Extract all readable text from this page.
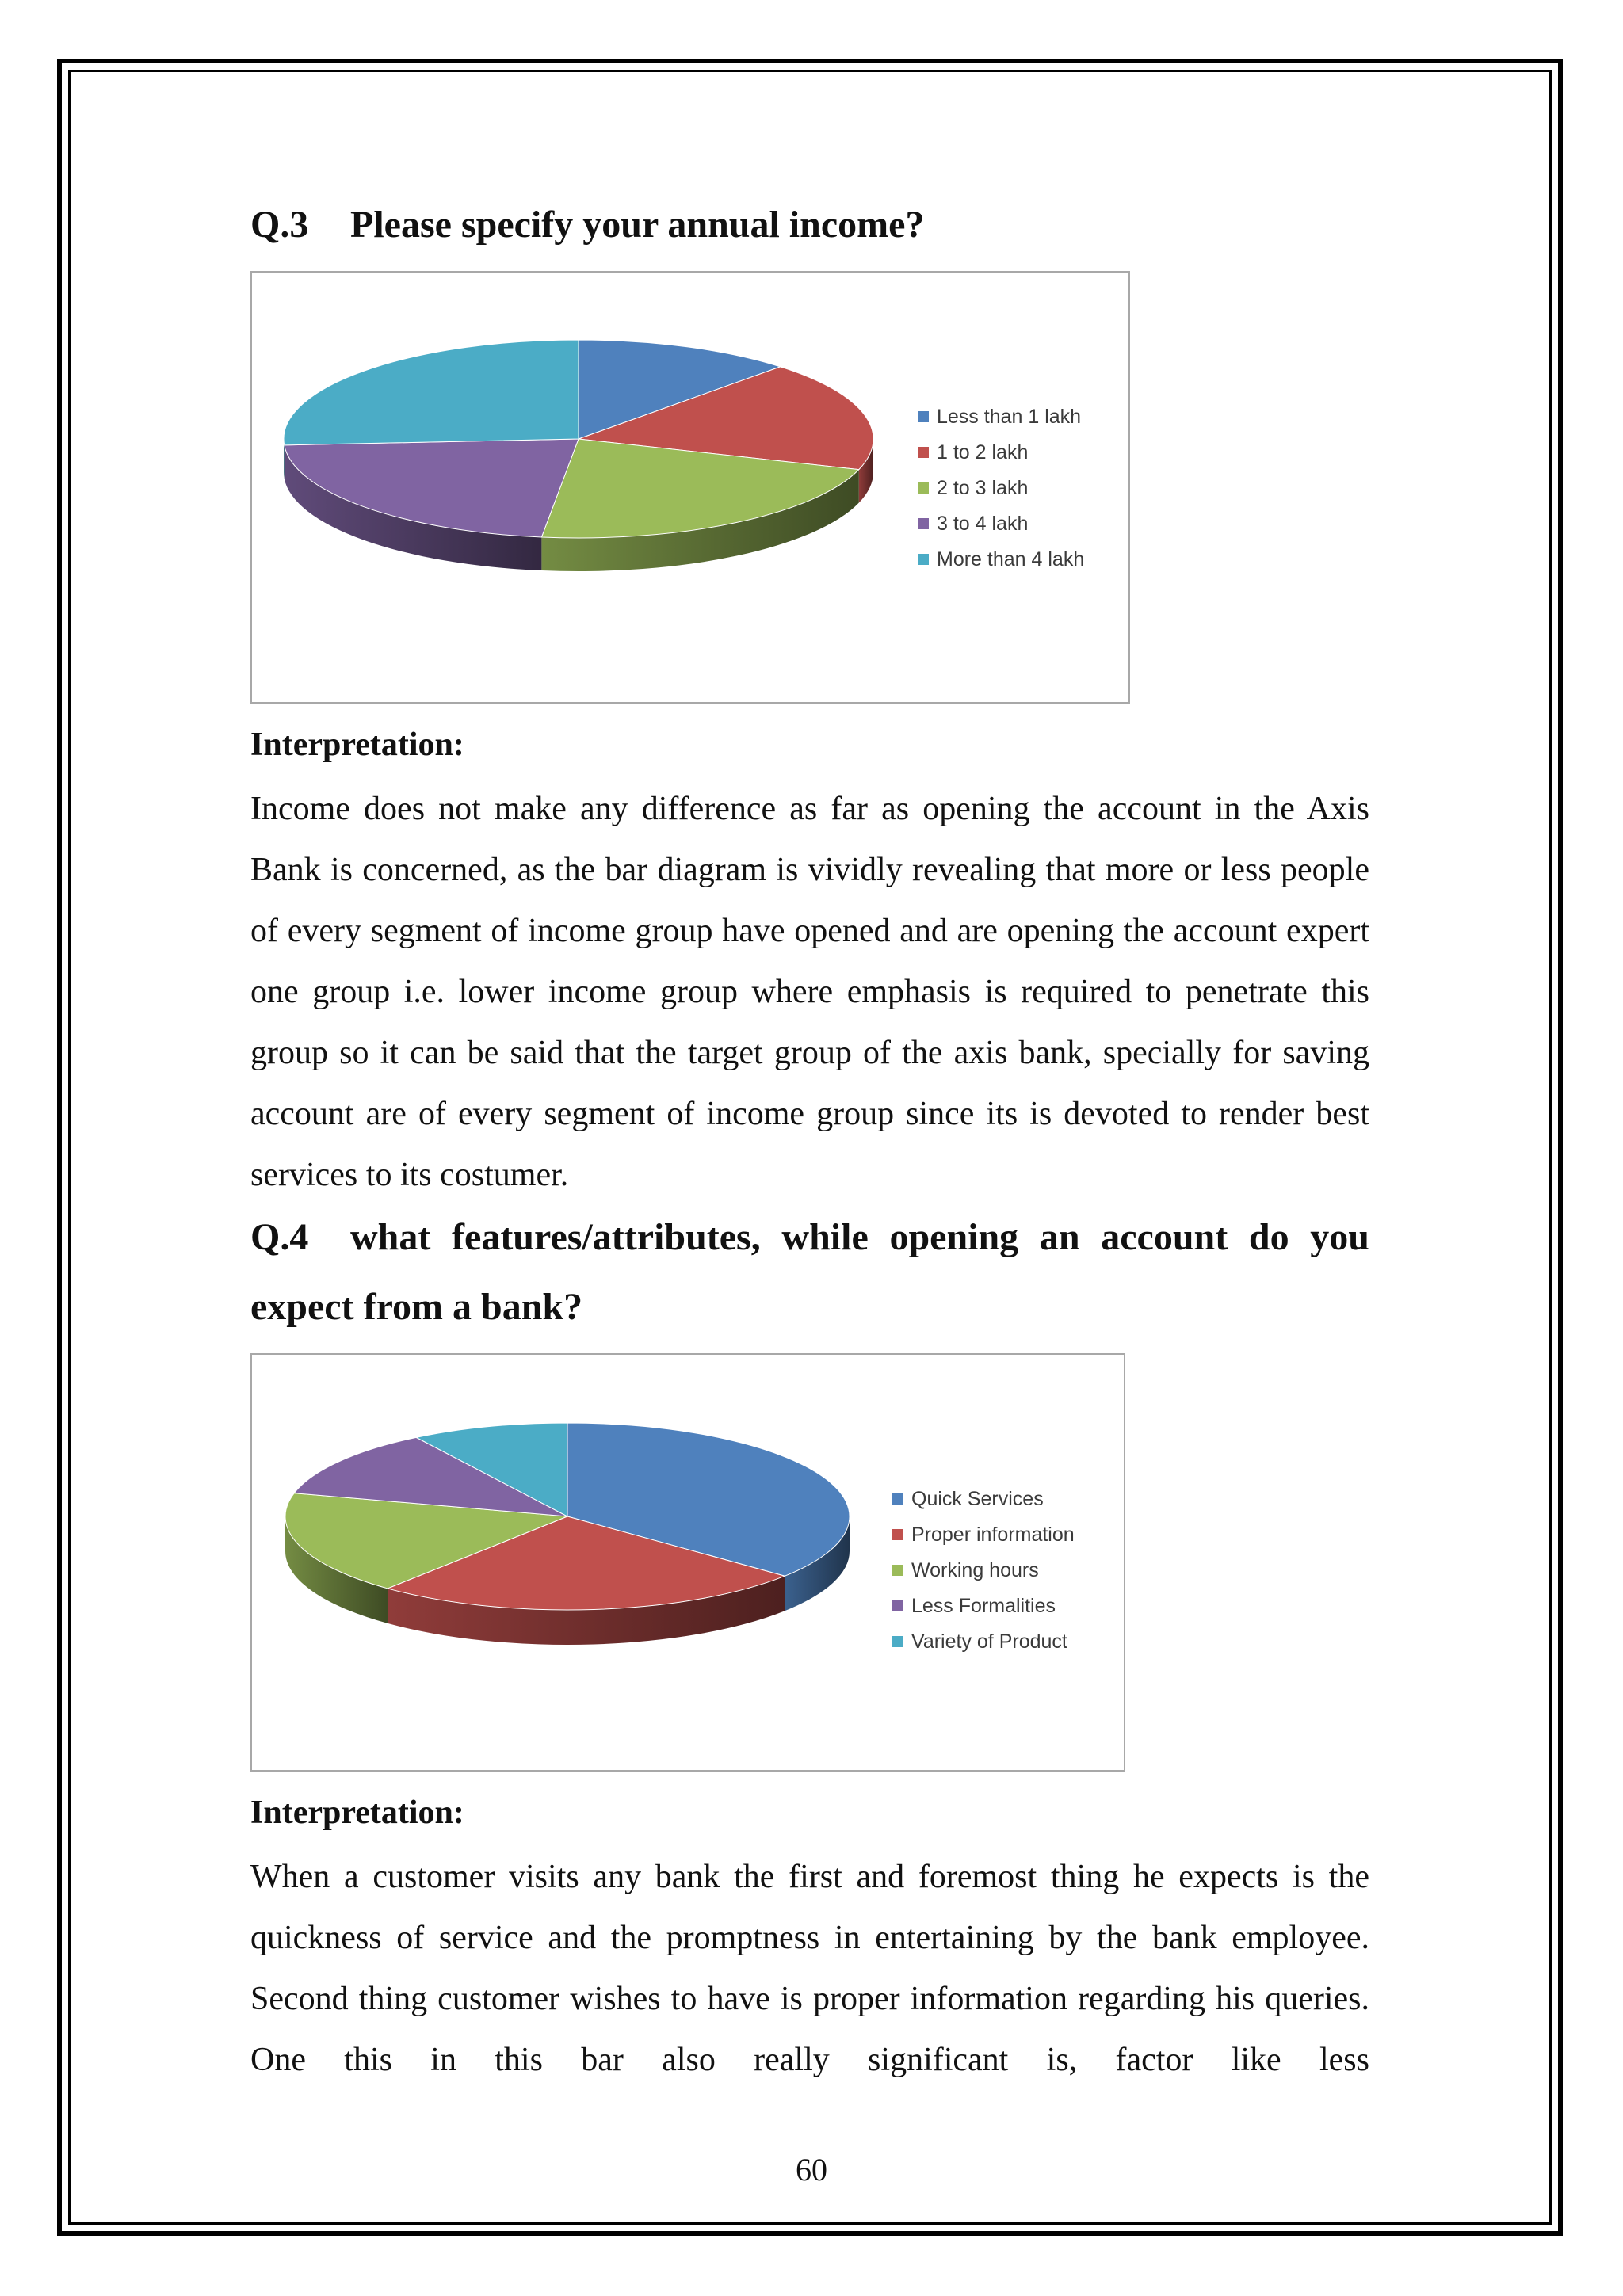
Q.3 Please specify your annual income?
Less than 1 lakh
1 to 2 lakh
2 to 3 lakh
3 to 4 lakh
More than 4 lakh
Interpretation:

Income does not make any difference as far as opening the account in the Axis Bank is concerned, as the bar diagram is vividly revealing that more or less people of every segment of income group have opened and are opening the account expert one group i.e. lower income group where emphasis is required to penetrate this group so it can be said that the target group of the axis bank, specially for saving account are of every segment of income group since its is devoted to render best services to its costumer.

Q.4 what features/attributes, while opening an account do you expect from a bank?
Quick Services
Proper information
Working hours
Less Formalities
Variety of Product
Interpretation:

When a customer visits any bank the first and foremost thing he expects is the quickness of service and the promptness in entertaining by the bank employee. Second thing customer wishes to have is proper information regarding his queries. One this in this bar also really significant is, factor like less

60
